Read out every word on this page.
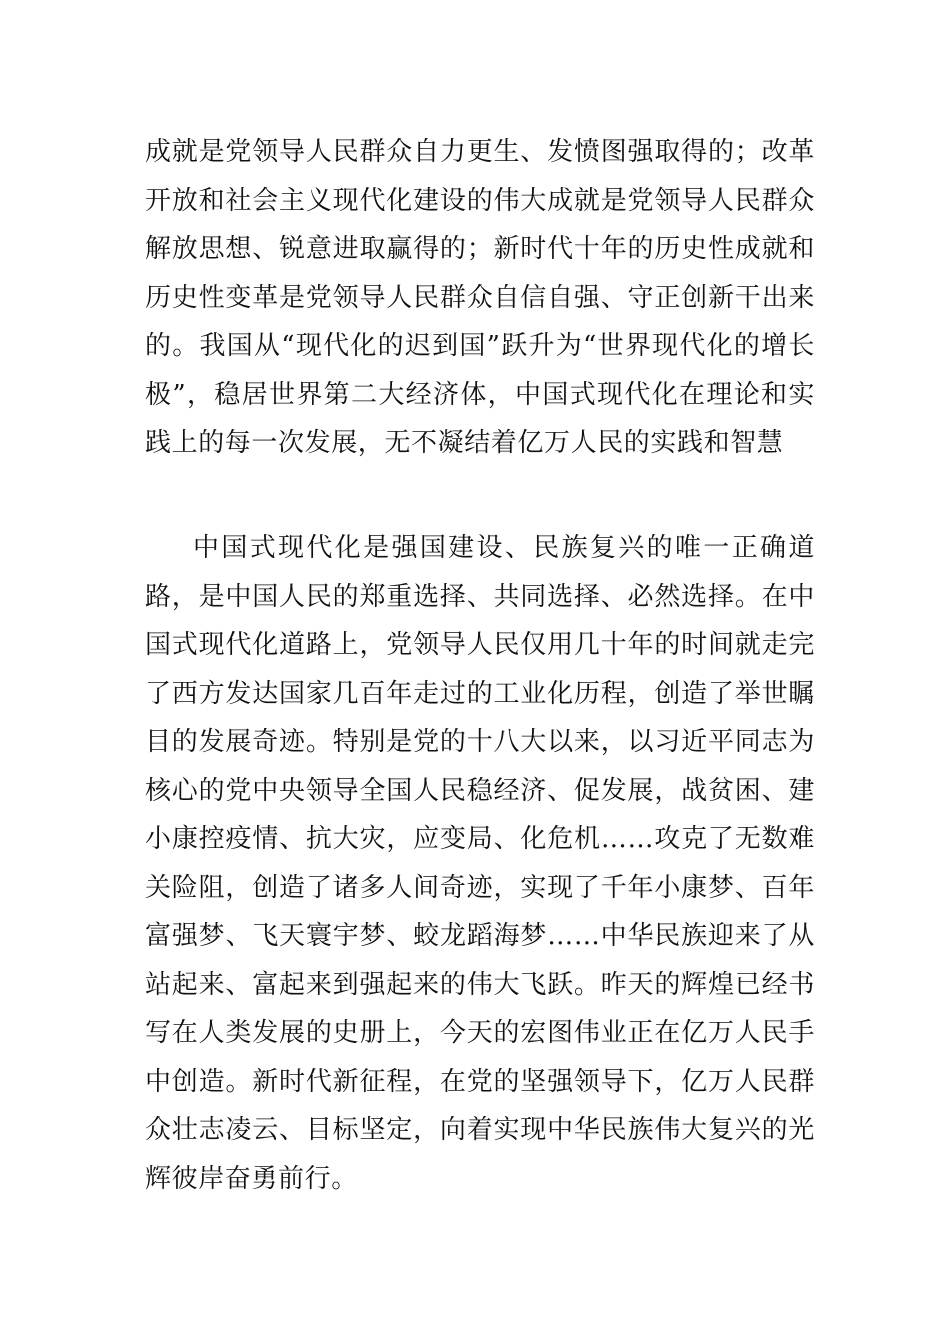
成就是党领导人民群众自力更生、发愤图强取得的；改革开放和社会主义现代化建设的伟大成就是党领导人民群众解放思想、锐意进取赢得的；新时代十年的历史性成就和历史性变革是党领导人民群众自信自强、守正创新干出来的。我国从“现代化的迟到国”跃升为“世界现代化的增长极”，稳居世界第二大经济体，中国式现代化在理论和实践上的每一次发展，无不凝结着亿万人民的实践和智慧

中国式现代化是强国建设、民族复兴的唯一正确道路，是中国人民的郑重选择、共同选择、必然选择。在中国式现代化道路上，党领导人民仅用几十年的时间就走完了西方发达国家几百年走过的工业化历程，创造了举世瞩目的发展奇迹。特别是党的十八大以来，以习近平同志为核心的党中央领导全国人民稳经济、促发展，战贫困、建小康控疫情、抗大灾，应变局、化危机……攻克了无数难关险阻，创造了诸多人间奇迹，实现了千年小康梦、百年富强梦、飞天寰宇梦、蛟龙蹈海梦……中华民族迎来了从站起来、富起来到强起来的伟大飞跃。昨天的辉煌已经书写在人类发展的史册上，今天的宏图伟业正在亿万人民手中创造。新时代新征程，在党的坚强领导下，亿万人民群众壮志凌云、目标坚定，向着实现中华民族伟大复兴的光辉彼岸奋勇前行。
